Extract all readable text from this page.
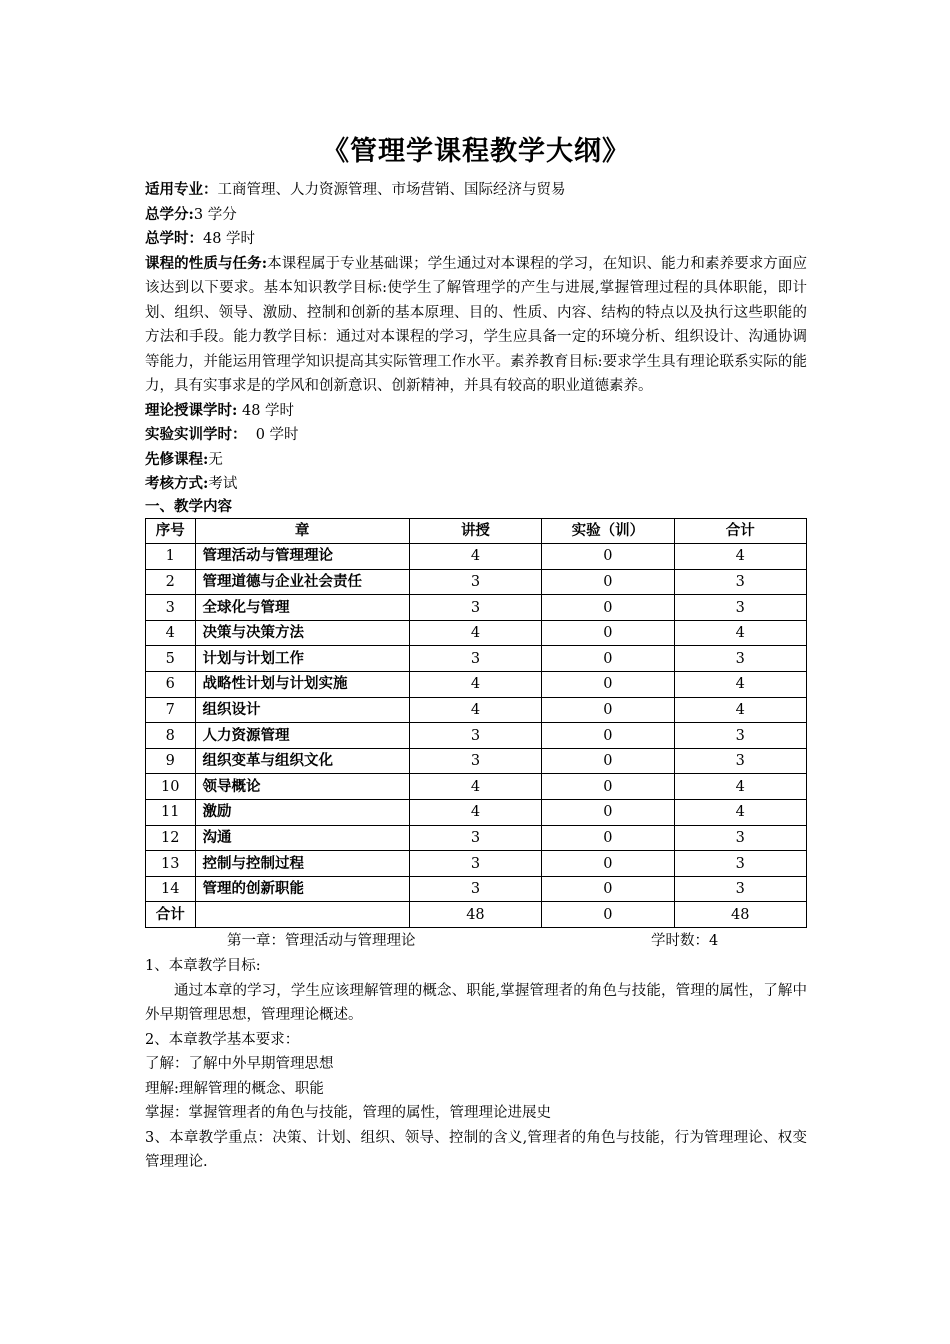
《管理学课程教学大纲》

适用专业：工商管理、人力资源管理、市场营销、国际经济与贸易

总学分:3 学分

总学时：48 学时

课程的性质与任务:本课程属于专业基础课；学生通过对本课程的学习，在知识、能力和素养要求方面应该达到以下要求。基本知识教学目标:使学生了解管理学的产生与进展,掌握管理过程的具体职能，即计划、组织、领导、激励、控制和创新的基本原理、目的、性质、内容、结构的特点以及执行这些职能的方法和手段。能力教学目标：通过对本课程的学习，学生应具备一定的环境分析、组织设计、沟通协调等能力，并能运用管理学知识提高其实际管理工作水平。素养教育目标:要求学生具有理论联系实际的能力，具有实事求是的学风和创新意识、创新精神，并具有较高的职业道德素养。

理论授课学时: 48 学时

实验实训学时：  0 学时

先修课程:无

考核方式:考试

一、教学内容

序号	章	讲授	实验（训）	合计
1	管理活动与管理理论	4	0	4
2	管理道德与企业社会责任	3	0	3
3	全球化与管理	3	0	3
4	决策与决策方法	4	0	4
5	计划与计划工作	3	0	3
6	战略性计划与计划实施	4	0	4
7	组织设计	4	0	4
8	人力资源管理	3	0	3
9	组织变革与组织文化	3	0	3
10	领导概论	4	0	4
11	激励	4	0	4
12	沟通	3	0	3
13	控制与控制过程	3	0	3
14	管理的创新职能	3	0	3
合计		48	0	48
第一章：管理活动与管理理论	学时数：4

1、本章教学目标:

通过本章的学习，学生应该理解管理的概念、职能,掌握管理者的角色与技能，管理的属性，了解中外早期管理思想，管理理论概述。

2、本章教学基本要求：

了解：了解中外早期管理思想

理解:理解管理的概念、职能

掌握：掌握管理者的角色与技能，管理的属性，管理理论进展史

3、本章教学重点：决策、计划、组织、领导、控制的含义,管理者的角色与技能，行为管理理论、权变管理理论.
